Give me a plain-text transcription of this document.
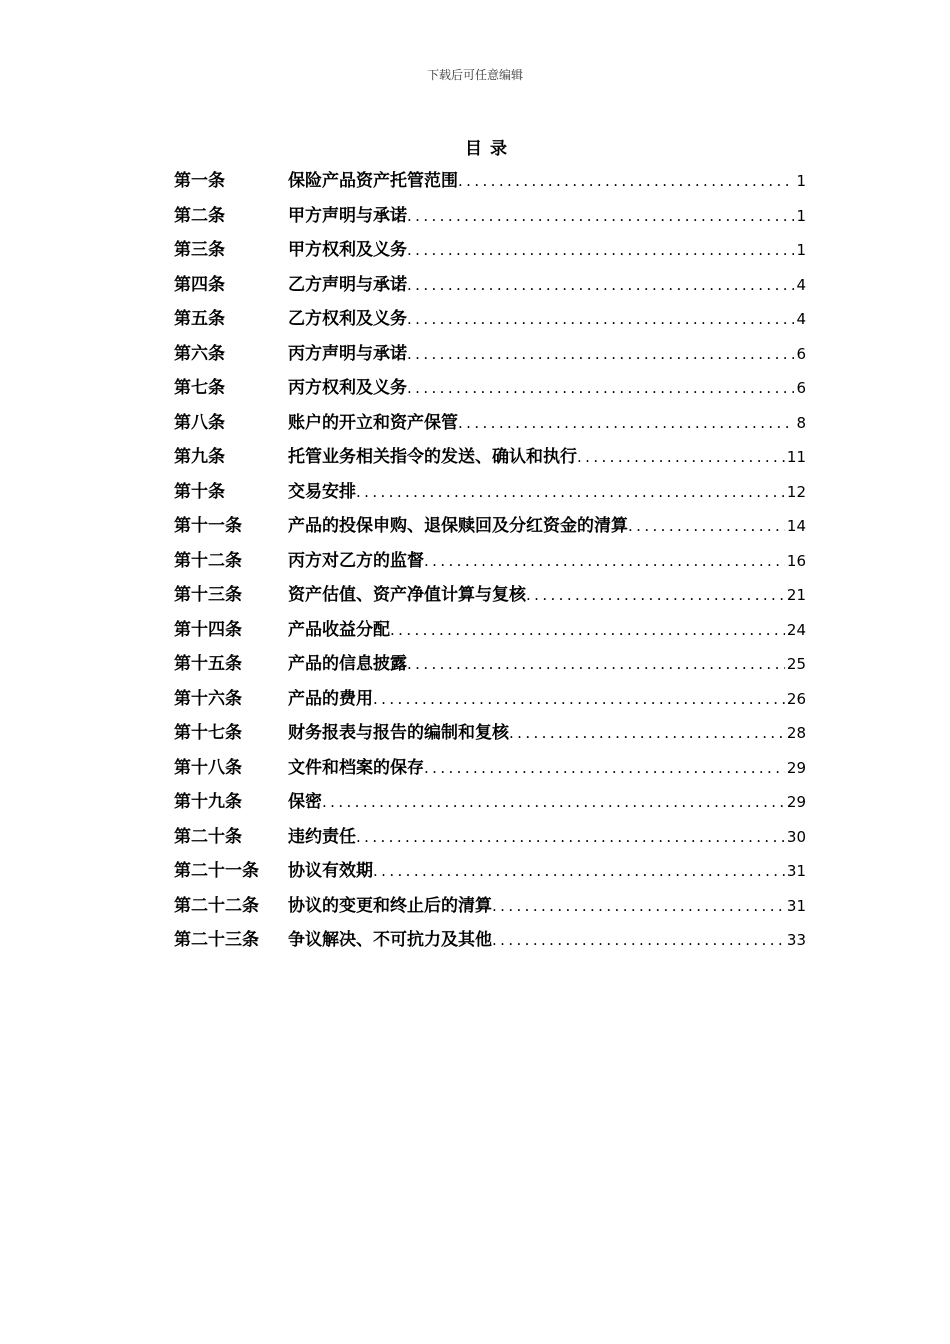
下载后可任意编辑
目录
第一条	保险产品资产托管范围 .....	1
第二条	甲方声明与承诺 .....	1
第三条	甲方权利及义务 .....	1
第四条	乙方声明与承诺 .....	4
第五条	乙方权利及义务 .....	4
第六条	丙方声明与承诺 .....	6
第七条	丙方权利及义务 .....	6
第八条	账户的开立和资产保管 .....	8
第九条	托管业务相关指令的发送、确认和执行 .....	11
第十条	交易安排 .....	12
第十一条	产品的投保申购、退保赎回及分红资金的清算 .....	14
第十二条	丙方对乙方的监督 .....	16
第十三条	资产估值、资产净值计算与复核 .....	21
第十四条	产品收益分配 .....	24
第十五条	产品的信息披露 .....	25
第十六条	产品的费用 .....	26
第十七条	财务报表与报告的编制和复核 .....	28
第十八条	文件和档案的保存 .....	29
第十九条	保密 .....	29
第二十条	违约责任 .....	30
第二十一条	协议有效期 .....	31
第二十二条	协议的变更和终止后的清算 .....	31
第二十三条	争议解决、不可抗力及其他 .....	33
